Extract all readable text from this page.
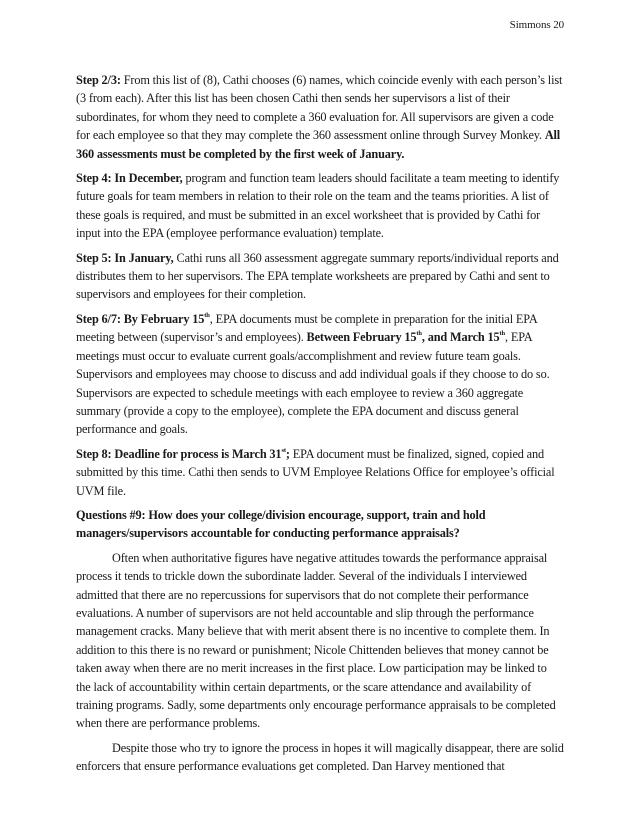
Simmons 20

Step 2/3: From this list of (8), Cathi chooses (6) names, which coincide evenly with each person’s list (3 from each). After this list has been chosen Cathi then sends her supervisors a list of their subordinates, for whom they need to complete a 360 evaluation for. All supervisors are given a code for each employee so that they may complete the 360 assessment online through Survey Monkey. All 360 assessments must be completed by the first week of January.

Step 4: In December, program and function team leaders should facilitate a team meeting to identify future goals for team members in relation to their role on the team and the teams priorities. A list of these goals is required, and must be submitted in an excel worksheet that is provided by Cathi for input into the EPA (employee performance evaluation) template.

Step 5: In January, Cathi runs all 360 assessment aggregate summary reports/individual reports and distributes them to her supervisors. The EPA template worksheets are prepared by Cathi and sent to supervisors and employees for their completion.

Step 6/7: By February 15th, EPA documents must be complete in preparation for the initial EPA meeting between (supervisor’s and employees). Between February 15th, and March 15th, EPA meetings must occur to evaluate current goals/accomplishment and review future team goals. Supervisors and employees may choose to discuss and add individual goals if they choose to do so. Supervisors are expected to schedule meetings with each employee to review a 360 aggregate summary (provide a copy to the employee), complete the EPA document and discuss general performance and goals.

Step 8: Deadline for process is March 31st; EPA document must be finalized, signed, copied and submitted by this time. Cathi then sends to UVM Employee Relations Office for employee’s official UVM file.

Questions #9: How does your college/division encourage, support, train and hold managers/supervisors accountable for conducting performance appraisals?

Often when authoritative figures have negative attitudes towards the performance appraisal process it tends to trickle down the subordinate ladder. Several of the individuals I interviewed admitted that there are no repercussions for supervisors that do not complete their performance evaluations. A number of supervisors are not held accountable and slip through the performance management cracks. Many believe that with merit absent there is no incentive to complete them. In addition to this there is no reward or punishment; Nicole Chittenden believes that money cannot be taken away when there are no merit increases in the first place. Low participation may be linked to the lack of accountability within certain departments, or the scare attendance and availability of training programs. Sadly, some departments only encourage performance appraisals to be completed when there are performance problems.

Despite those who try to ignore the process in hopes it will magically disappear, there are solid enforcers that ensure performance evaluations get completed. Dan Harvey mentioned that
